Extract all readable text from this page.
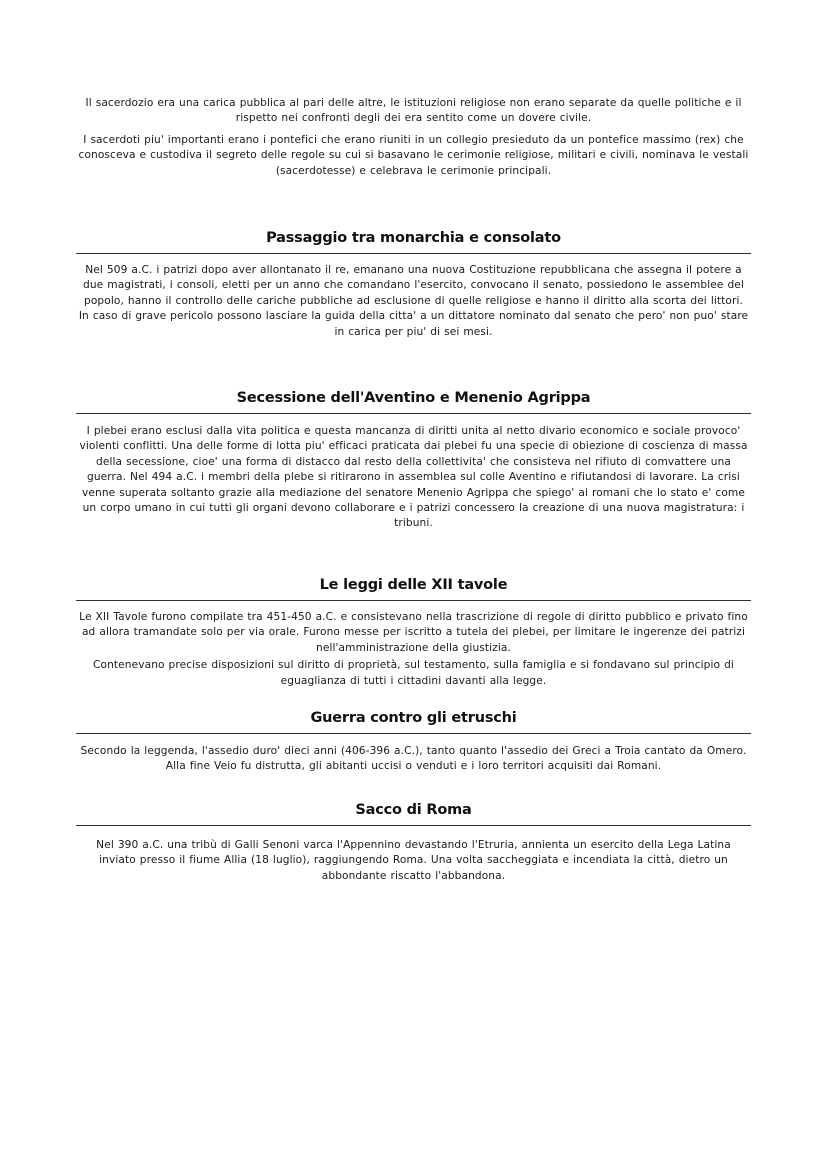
Il sacerdozio era una carica pubblica al pari delle altre, le istituzioni religiose non erano separate da quelle politiche e il rispetto nei confronti degli dei era sentito come un dovere civile.

I sacerdoti piu' importanti erano i pontefici che erano riuniti in un collegio presieduto da un pontefice massimo (rex) che conosceva e custodiva il segreto delle regole su cui si basavano le cerimonie religiose, militari e civili, nominava le vestali (sacerdotesse) e celebrava le cerimonie principali.

Passaggio tra monarchia e consolato

Nel 509 a.C. i patrizi dopo aver allontanato il re, emanano una nuova Costituzione repubblicana che assegna il potere a due magistrati, i consoli, eletti per un anno che comandano l'esercito, convocano il senato, possiedono le assemblee del popolo, hanno il controllo delle cariche pubbliche ad esclusione di quelle religiose e hanno il diritto alla scorta dei littori.

In caso di grave pericolo possono lasciare la guida della citta' a un dittatore nominato dal senato che pero' non puo' stare in carica per piu' di sei mesi.

Secessione dell'Aventino e Menenio Agrippa

I plebei erano esclusi dalla vita politica e questa mancanza di diritti unita al netto divario economico e sociale provoco' violenti conflitti. Una delle forme di lotta piu' efficaci praticata dai plebei fu una specie di obiezione di coscienza di massa della secessione, cioe' una forma di distacco dal resto della collettivita' che consisteva nel rifiuto di comvattere una guerra. Nel 494 a.C. i membri della plebe si ritirarono in assemblea sul colle Aventino e rifiutandosi di lavorare. La crisi venne superata soltanto grazie alla mediazione del senatore Menenio Agrippa che spiego' ai romani che lo stato e' come un corpo umano in cui tutti gli organi devono collaborare e i patrizi concessero la creazione di una nuova magistratura: i tribuni.

Le leggi delle XII tavole

Le XII Tavole furono compilate tra 451-450 a.C. e consistevano nella trascrizione di regole di diritto pubblico e privato fino ad allora tramandate solo per via orale. Furono messe per iscritto a tutela dei plebei, per limitare le ingerenze dei patrizi nell'amministrazione della giustizia.

Contenevano precise disposizioni sul diritto di proprietà, sul testamento, sulla famiglia e si fondavano sul principio di eguaglianza di tutti i cittadini davanti alla legge.

Guerra contro gli etruschi

Secondo la leggenda, l'assedio duro' dieci anni (406-396 a.C.), tanto quanto l'assedio dei Greci a Troia cantato da Omero. Alla fine Veio fu distrutta, gli abitanti uccisi o venduti e i loro territori acquisiti dai Romani.

Sacco di Roma

Nel 390 a.C. una tribù di Galli Senoni varca l'Appennino devastando l'Etruria, annienta un esercito della Lega Latina inviato presso il fiume Allia (18 luglio), raggiungendo Roma. Una volta saccheggiata e incendiata la città, dietro un abbondante riscatto l'abbandona.
